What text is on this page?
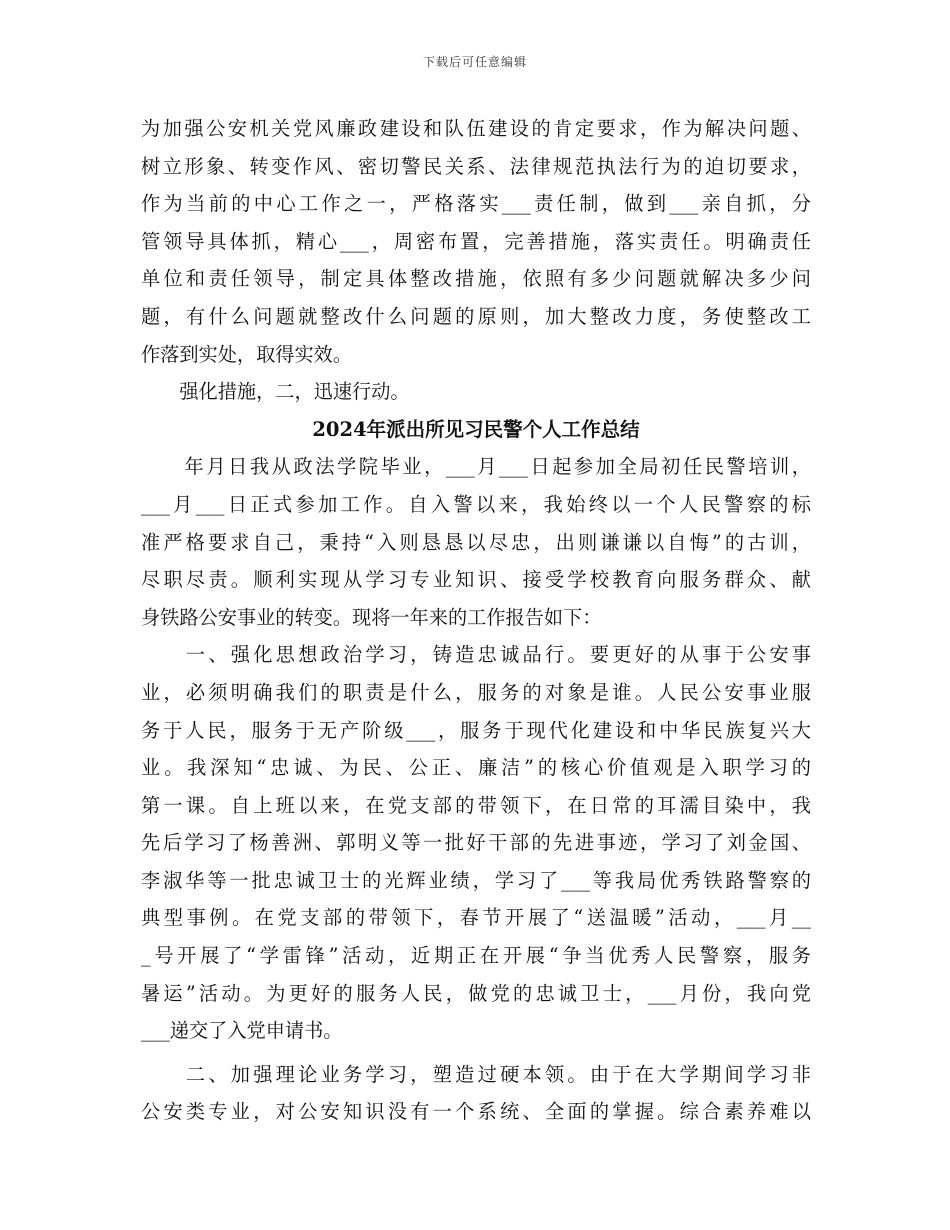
下载后可任意编辑
为加强公安机关党风廉政建设和队伍建设的肯定要求，作为解决问题、
树立形象、转变作风、密切警民关系、法律规范执法行为的迫切要求，
作为当前的中心工作之一，严格落实___责任制，做到___亲自抓，分
管领导具体抓，精心___，周密布置，完善措施，落实责任。明确责任
单位和责任领导，制定具体整改措施，依照有多少问题就解决多少问
题，有什么问题就整改什么问题的原则，加大整改力度，务使整改工
作落到实处，取得实效。
　　强化措施，二，迅速行动。
2024年派出所见习民警个人工作总结
　　年月日我从政法学院毕业，___月___日起参加全局初任民警培训，
___月___日正式参加工作。自入警以来，我始终以一个人民警察的标
准严格要求自己，秉持“入则恳恳以尽忠，出则谦谦以自悔”的古训，
尽职尽责。顺利实现从学习专业知识、接受学校教育向服务群众、献
身铁路公安事业的转变。现将一年来的工作报告如下：
　　一、强化思想政治学习，铸造忠诚品行。要更好的从事于公安事
业，必须明确我们的职责是什么，服务的对象是谁。人民公安事业服
务于人民，服务于无产阶级___，服务于现代化建设和中华民族复兴大
业。我深知“忠诚、为民、公正、廉洁”的核心价值观是入职学习的
第一课。自上班以来，在党支部的带领下，在日常的耳濡目染中，我
先后学习了杨善洲、郭明义等一批好干部的先进事迹，学习了刘金国、
李淑华等一批忠诚卫士的光辉业绩，学习了___等我局优秀铁路警察的
典型事例。在党支部的带领下，春节开展了“送温暖”活动，___月__
_号开展了“学雷锋”活动，近期正在开展“争当优秀人民警察，服务
暑运”活动。为更好的服务人民，做党的忠诚卫士，___月份，我向党
___递交了入党申请书。
　　二、加强理论业务学习，塑造过硬本领。由于在大学期间学习非
公安类专业，对公安知识没有一个系统、全面的掌握。综合素养难以
